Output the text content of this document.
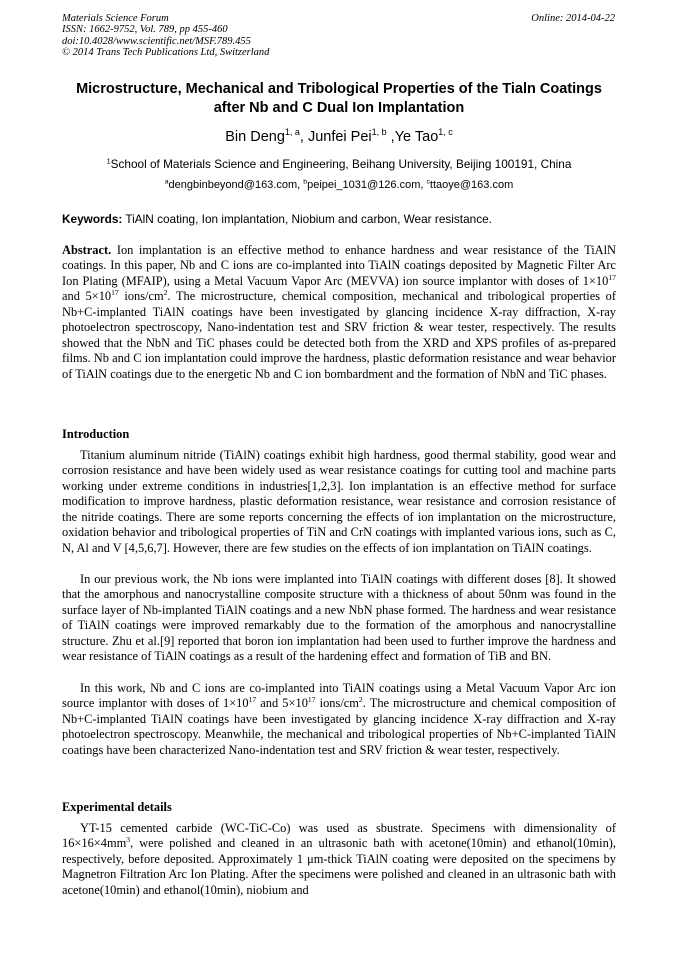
Materials Science Forum
ISSN: 1662-9752, Vol. 789, pp 455-460
doi:10.4028/www.scientific.net/MSF.789.455
© 2014 Trans Tech Publications Ltd, Switzerland
Online: 2014-04-22
Microstructure, Mechanical and Tribological Properties of the Tialn Coatings after Nb and C Dual Ion Implantation
Bin Deng$^{1, a}$, Junfei Pei$^{1, b}$ ,Ye Tao$^{1, c}$
$^1$School of Materials Science and Engineering, Beihang University, Beijing 100191, China
$^a$dengbinbeyond@163.com, $^b$peipei_1031@126.com, $^c$ttaoye@163.com
Keywords: TiAlN coating, Ion implantation, Niobium and carbon, Wear resistance.

Abstract. Ion implantation is an effective method to enhance hardness and wear resistance of the TiAlN coatings. In this paper, Nb and C ions are co-implanted into TiAlN coatings deposited by Magnetic Filter Arc Ion Plating (MFAIP), using a Metal Vacuum Vapor Arc (MEVVA) ion source implantor with doses of $1\times 10^{17}$ and $5\times 10^{17}$ ions/$cm^2$. The microstructure, chemical composition, mechanical and tribological properties of Nb+C-implanted TiAlN coatings have been investigated by glancing incidence X-ray diffraction, X-ray photoelectron spectroscopy, Nano-indentation test and SRV friction & wear tester, respectively. The results showed that the NbN and TiC phases could be detected both from the XRD and XPS profiles of as-prepared films. Nb and C ion implantation could improve the hardness, plastic deformation resistance and wear behavior of TiAlN coatings due to the energetic Nb and C ion bombardment and the formation of NbN and TiC phases.

Introduction

Titanium aluminum nitride (TiAlN) coatings exhibit high hardness, good thermal stability, good wear and corrosion resistance and have been widely used as wear resistance coatings for cutting tool and machine parts working under extreme conditions in industries[1,2,3]. Ion implantation is an effective method for surface modification to improve hardness, plastic deformation resistance, wear resistance and corrosion resistance of the nitride coatings. There are some reports concerning the effects of ion implantation on the microstructure, oxidation behavior and tribological properties of TiN and CrN coatings with implanted various ions, such as C, N, Al and V [4,5,6,7]. However, there are few studies on the effects of ion implantation on TiAlN coatings.

In our previous work, the Nb ions were implanted into TiAlN coatings with different doses [8]. It showed that the amorphous and nanocrystalline composite structure with a thickness of about 50nm was found in the surface layer of Nb-implanted TiAlN coatings and a new NbN phase formed. The hardness and wear resistance of TiAlN coatings were improved remarkably due to the formation of the amorphous and nanocrystalline structure. Zhu et al.[9] reported that boron ion implantation had been used to further improve the hardness and wear resistance of TiAlN coatings as a result of the hardening effect and formation of TiB and BN.

In this work, Nb and C ions are co-implanted into TiAlN coatings using a Metal Vacuum Vapor Arc ion source implantor with doses of $1\times 10^{17}$ and $5\times 10^{17}$ ions/$cm^2$. The microstructure and chemical composition of Nb+C-implanted TiAlN coatings have been investigated by glancing incidence X-ray diffraction and X-ray photoelectron spectroscopy. Meanwhile, the mechanical and tribological properties of Nb+C-implanted TiAlN coatings have been characterized Nano-indentation test and SRV friction & wear tester, respectively.

Experimental details

YT-15 cemented carbide (WC-TiC-Co) was used as sbustrate. Specimens with dimensionality of $16\times 16\times 4mm^3$, were polished and cleaned in an ultrasonic bath with acetone(10min) and ethanol(10min), respectively, before deposited. Approximately 1 μm-thick TiAlN coating were deposited on the specimens by Magnetron Filtration Arc Ion Plating. After the specimens were polished and cleaned in an ultrasonic bath with acetone(10min) and ethanol(10min), niobium and
